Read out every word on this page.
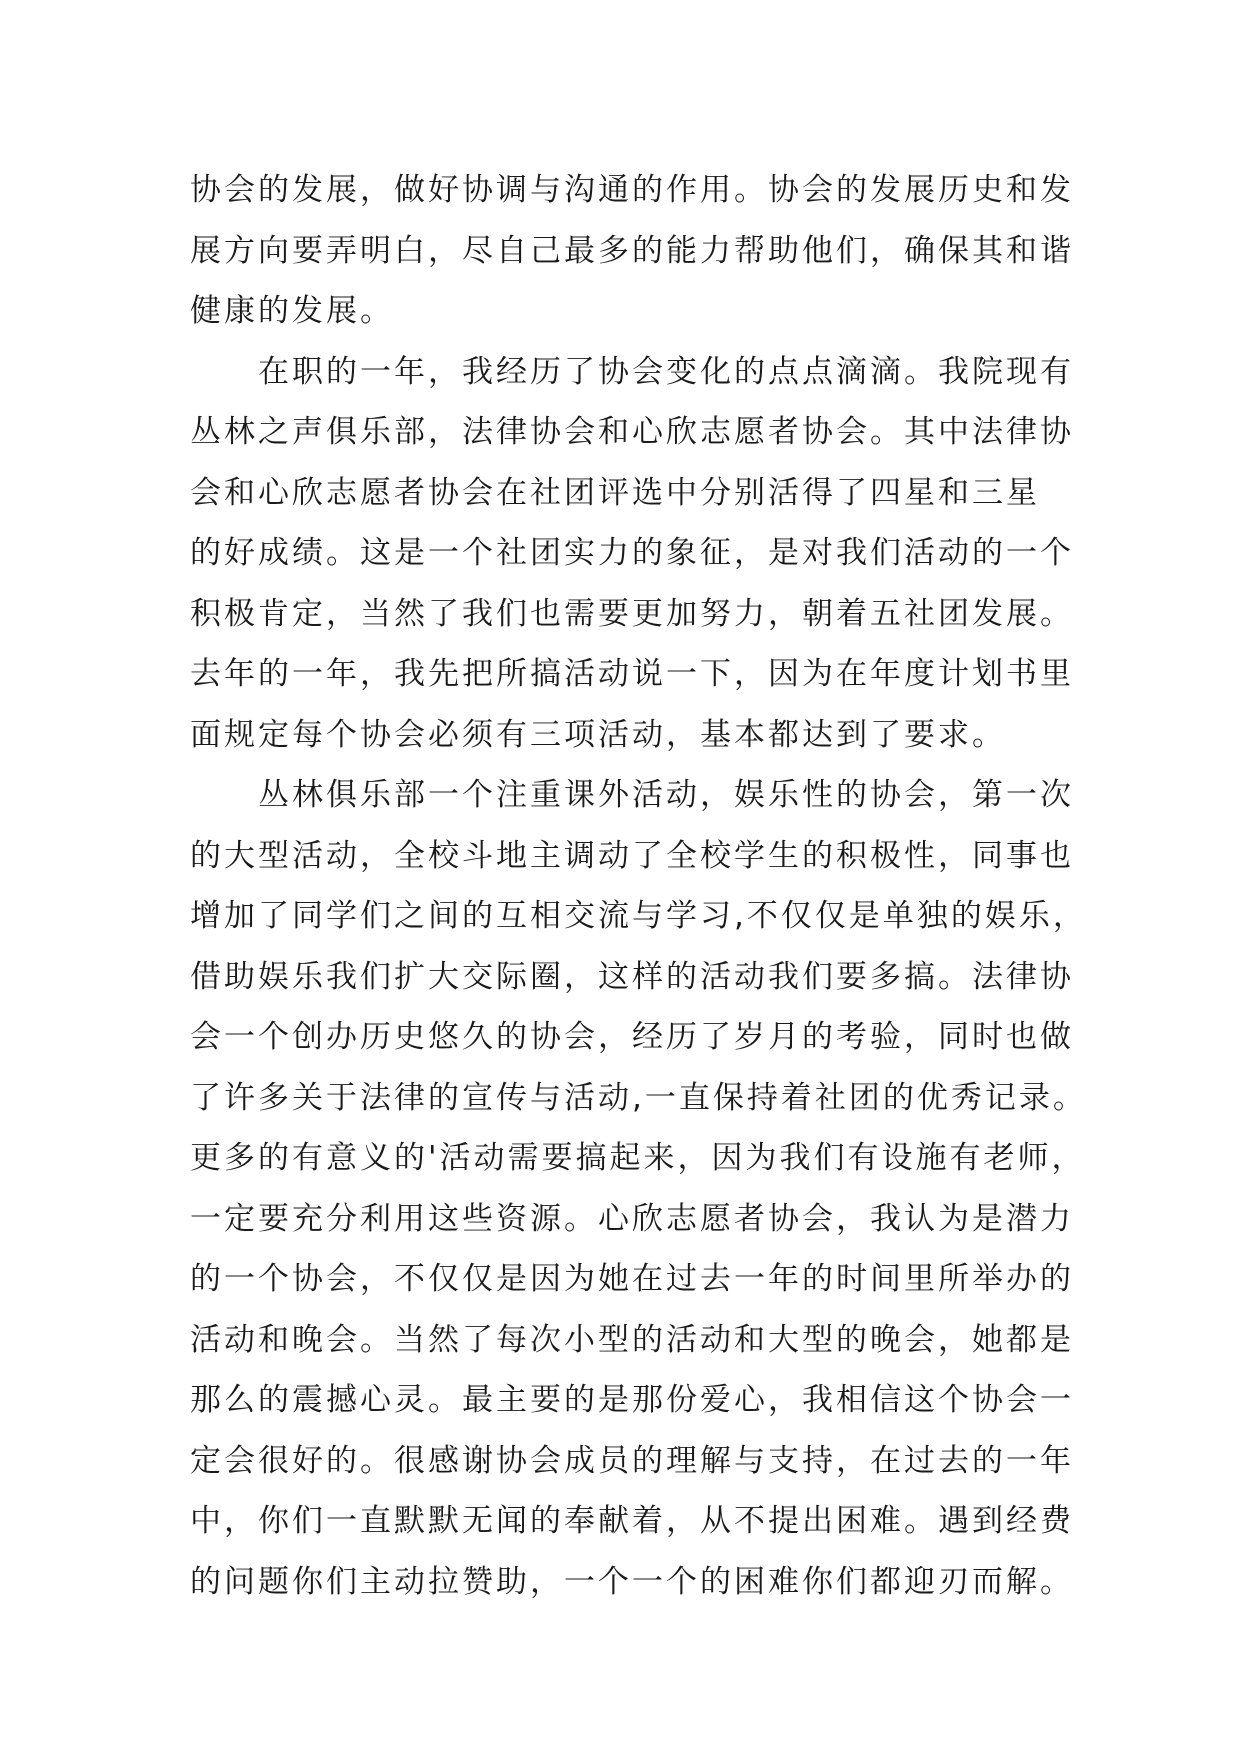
协会的发展，做好协调与沟通的作用。协会的发展历史和发
展方向要弄明白，尽自己最多的能力帮助他们，确保其和谐
健康的发展。
在职的一年，我经历了协会变化的点点滴滴。我院现有
丛林之声俱乐部，法律协会和心欣志愿者协会。其中法律协
会和心欣志愿者协会在社团评选中分别活得了四星和三星
的好成绩。这是一个社团实力的象征，是对我们活动的一个
积极肯定，当然了我们也需要更加努力，朝着五社团发展。
去年的一年，我先把所搞活动说一下，因为在年度计划书里
面规定每个协会必须有三项活动，基本都达到了要求。
丛林俱乐部一个注重课外活动，娱乐性的协会，第一次
的大型活动，全校斗地主调动了全校学生的积极性，同事也
增加了同学们之间的互相交流与学习,不仅仅是单独的娱乐，
借助娱乐我们扩大交际圈，这样的活动我们要多搞。法律协
会一个创办历史悠久的协会，经历了岁月的考验，同时也做
了许多关于法律的宣传与活动,一直保持着社团的优秀记录。
更多的有意义的'活动需要搞起来，因为我们有设施有老师，
一定要充分利用这些资源。心欣志愿者协会，我认为是潜力
的一个协会，不仅仅是因为她在过去一年的时间里所举办的
活动和晚会。当然了每次小型的活动和大型的晚会，她都是
那么的震撼心灵。最主要的是那份爱心，我相信这个协会一
定会很好的。很感谢协会成员的理解与支持，在过去的一年
中，你们一直默默无闻的奉献着，从不提出困难。遇到经费
的问题你们主动拉赞助，一个一个的困难你们都迎刃而解。
